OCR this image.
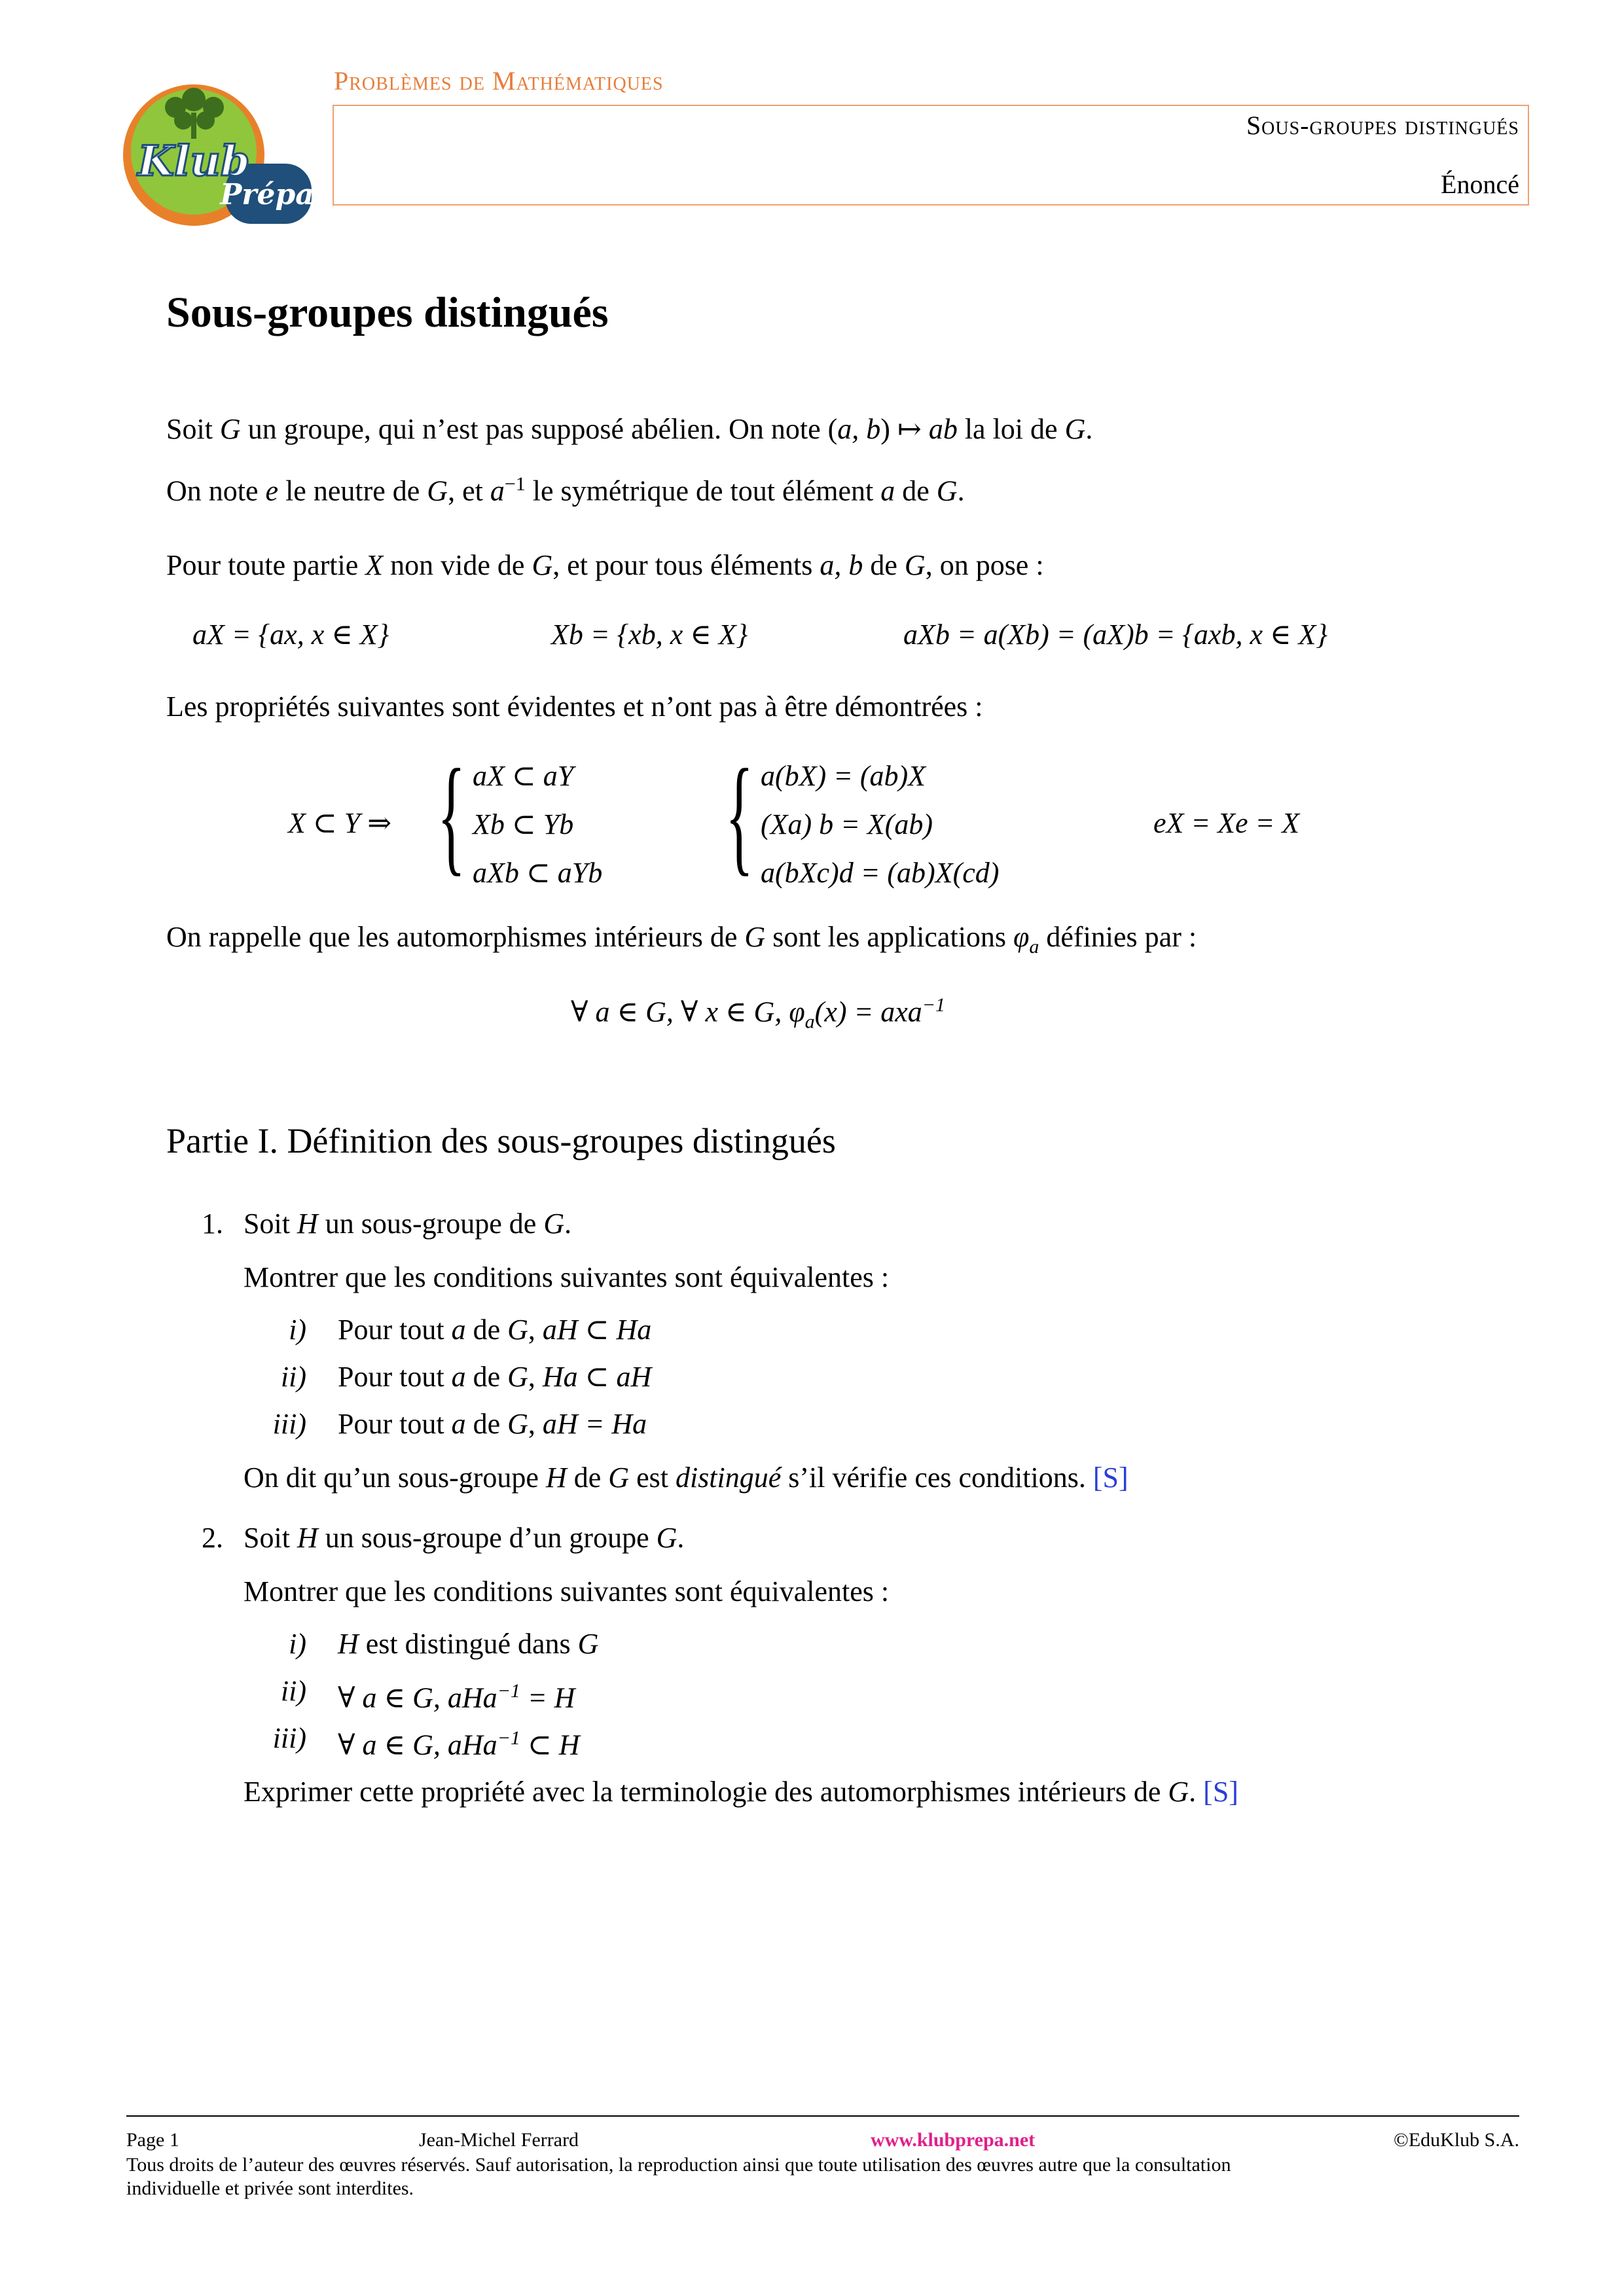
Klub
Prépa
Problèmes de Mathématiques
Sous-groupes distingués
Énoncé
Sous-groupes distingués
Soit G un groupe, qui n’est pas supposé abélien. On note (a, b) ↦ ab la loi de G.
On note e le neutre de G, et $a^{-1}$ le symétrique de tout élément a de G.
Pour toute partie X non vide de G, et pour tous éléments a, b de G, on pose :
aX = {ax, x ∈ X}	Xb = {xb, x ∈ X}	aXb = a(Xb) = (aX)b = {axb, x ∈ X}
Les propriétés suivantes sont évidentes et n’ont pas à être démontrées :
X ⊂ Y ⇒ { aX ⊂ aY
Xb ⊂ Yb
aXb ⊂ aYb { a(bX) = (ab)X
(Xa) b = X(ab)
a(bXc)d = (ab)X(cd)
eX = Xe = X
On rappelle que les automorphismes intérieurs de G sont les applications $\varphi_a$ définies par :
∀ a ∈ G, ∀ x ∈ G, $\varphi_a(x) = axa^{-1}$
Partie I. Définition des sous-groupes distingués
1. Soit H un sous-groupe de G.
Montrer que les conditions suivantes sont équivalentes :
i) Pour tout a de G, aH ⊂ Ha
ii) Pour tout a de G, Ha ⊂ aH
iii) Pour tout a de G, aH = Ha
On dit qu’un sous-groupe H de G est distingué s’il vérifie ces conditions. [S]
2. Soit H un sous-groupe d’un groupe G.
Montrer que les conditions suivantes sont équivalentes :
i) H est distingué dans G
ii) ∀ a ∈ G, aHa$^{-1}$ = H
iii) ∀ a ∈ G, aHa$^{-1}$ ⊂ H
Exprimer cette propriété avec la terminologie des automorphismes intérieurs de G. [S]
Page 1	Jean-Michel Ferrard	www.klubprepa.net	©EduKlub S.A.
Tous droits de l’auteur des œuvres réservés. Sauf autorisation, la reproduction ainsi que toute utilisation des œuvres autre que la consultation
individuelle et privée sont interdites.
